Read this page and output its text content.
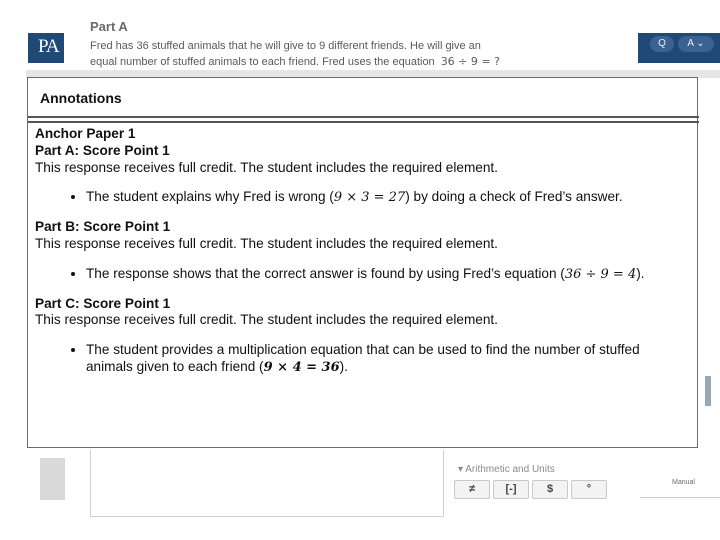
PA
Part A
Fred has 36 stuffed animals that he will give to 9 different friends. He will give an
equal number of stuffed animals to each friend. Fred uses the equation 36 ÷ 9 = ?
Q	A ⌄
▾ Arithmetic and Units
≠	[-]	$	°
Manual
Annotations
Anchor Paper 1
Part A: Score Point 1
This response receives full credit. The student includes the required element.
• The student explains why Fred is wrong (9 × 3 = 27) by doing a check of Fred’s answer.
Part B: Score Point 1
This response receives full credit. The student includes the required element.
• The response shows that the correct answer is found by using Fred’s equation (36 ÷ 9 = 4).
Part C: Score Point 1
This response receives full credit. The student includes the required element.
• The student provides a multiplication equation that can be used to find the number of stuffed animals given to each friend (9 × 4 = 36).
